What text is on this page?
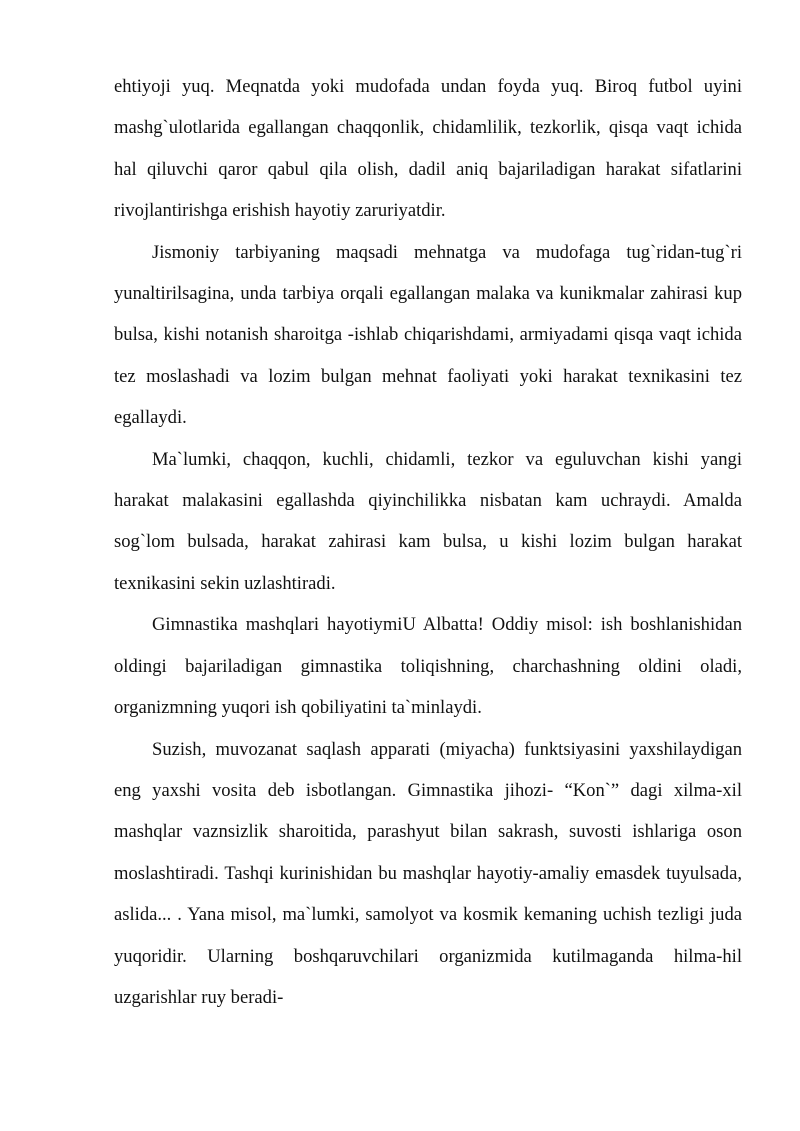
ehtiyoji yuq. Meqnatda yoki mudofada undan foyda yuq. Biroq futbol uyini mashg`ulotlarida egallangan chaqqonlik, chidamlilik, tezkorlik, qisqa vaqt ichida hal qiluvchi qaror qabul qila olish, dadil aniq bajariladigan harakat sifatlarini rivojlantirishga erishish hayotiy zaruriyatdir.

Jismoniy tarbiyaning maqsadi mehnatga va mudofaga tug`ridan-tug`ri yunaltirilsagina, unda tarbiya orqali egallangan malaka va kunikmalar zahirasi kup bulsa, kishi notanish sharoitga -ishlab chiqarishdami, armiyadami qisqa vaqt ichida tez moslashadi va lozim bulgan mehnat faoliyati yoki harakat texnikasini tez egallaydi.

Ma`lumki, chaqqon, kuchli, chidamli, tezkor va eguluvchan kishi yangi harakat malakasini egallashda qiyinchilikka nisbatan kam uchraydi. Amalda sog`lom bulsada, harakat zahirasi kam bulsa, u kishi lozim bulgan harakat texnikasini sekin uzlashtiradi.

Gimnastika mashqlari hayotiymiU Albatta! Oddiy misol: ish boshlanishidan oldingi bajariladigan gimnastika toliqishning, charchashning oldini oladi, organizmning yuqori ish qobiliyatini ta`minlaydi.

Suzish, muvozanat saqlash apparati (miyacha) funktsiyasini yaxshilaydigan eng yaxshi vosita deb isbotlangan. Gimnastika jihozi- “Kon`” dagi xilma-xil mashqlar vaznsizlik sharoitida, parashyut bilan sakrash, suvosti ishlariga oson moslashtiradi. Tashqi kurinishidan bu mashqlar hayotiy-amaliy emasdek tuyulsada, aslida... . Yana misol, ma`lumki, samolyot va kosmik kemaning uchish tezligi juda yuqoridir. Ularning boshqaruvchilari organizmida kutilmaganda hilma-hil uzgarishlar ruy beradi-
